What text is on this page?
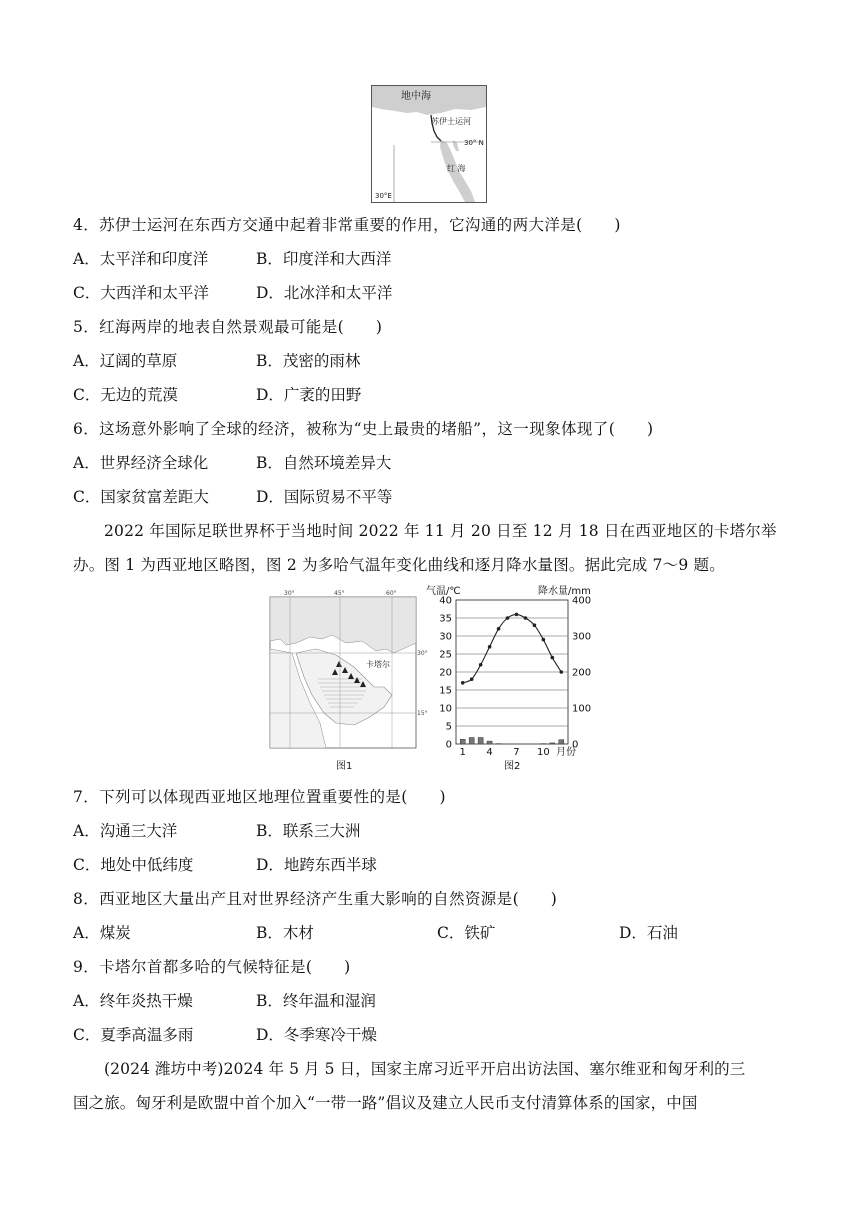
地中海
苏伊士运河
30° N
30°E
红 海
4．苏伊士运河在东西方交通中起着非常重要的作用，它沟通的两大洋是(　　)
A．太平洋和印度洋	B．印度洋和大西洋
C．大西洋和太平洋	D．北冰洋和太平洋
5．红海两岸的地表自然景观最可能是(　　)
A．辽阔的草原	B．茂密的雨林
C．无边的荒漠	D．广袤的田野
6．这场意外影响了全球的经济，被称为“史上最贵的堵船”，这一现象体现了(　　)
A．世界经济全球化	B．自然环境差异大
C．国家贫富差距大	D．国际贸易不平等
2022 年国际足联世界杯于当地时间 2022 年 11 月 20 日至 12 月 18 日在西亚地区的卡塔尔举
办。图 1 为西亚地区略图，图 2 为多哈气温年变化曲线和逐月降水量图。据此完成 7～9 题。
卡塔尔
30°	45°	60°
30°
15°
图1
气温/℃	降水量/mm
月份
图2
0
5
10
15
20
25
30
35
40
0
100
200
300
400
1 4 7 10
7．下列可以体现西亚地区地理位置重要性的是(　　)
A．沟通三大洋	B．联系三大洲
C．地处中低纬度	D．地跨东西半球
8．西亚地区大量出产且对世界经济产生重大影响的自然资源是(　　)
A．煤炭	B．木材	C．铁矿	D．石油
9．卡塔尔首都多哈的气候特征是(　　)
A．终年炎热干燥	B．终年温和湿润
C．夏季高温多雨	D．冬季寒冷干燥
(2024 潍坊中考)2024 年 5 月 5 日，国家主席习近平开启出访法国、塞尔维亚和匈牙利的三
国之旅。匈牙利是欧盟中首个加入“一带一路”倡议及建立人民币支付清算体系的国家，中国
